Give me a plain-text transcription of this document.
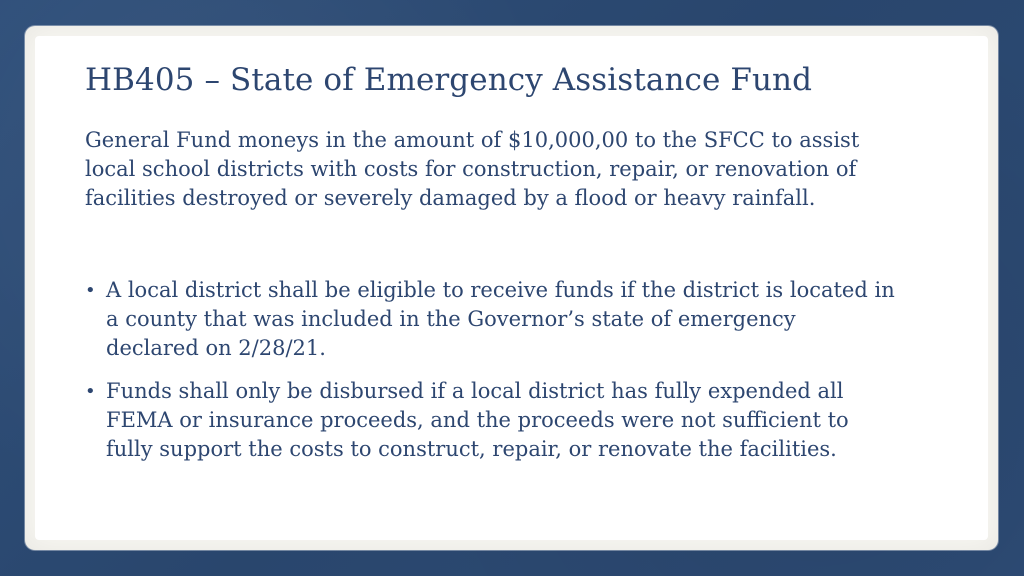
HB405 – State of Emergency Assistance Fund

General Fund moneys in the amount of $10,000,00 to the SFCC to assist local school districts with costs for construction, repair, or renovation of facilities destroyed or severely damaged by a flood or heavy rainfall.

• A local district shall be eligible to receive funds if the district is located in a county that was included in the Governor’s state of emergency declared on 2/28/21.
• Funds shall only be disbursed if a local district has fully expended all FEMA or insurance proceeds, and the proceeds were not sufficient to fully support the costs to construct, repair, or renovate the facilities.
